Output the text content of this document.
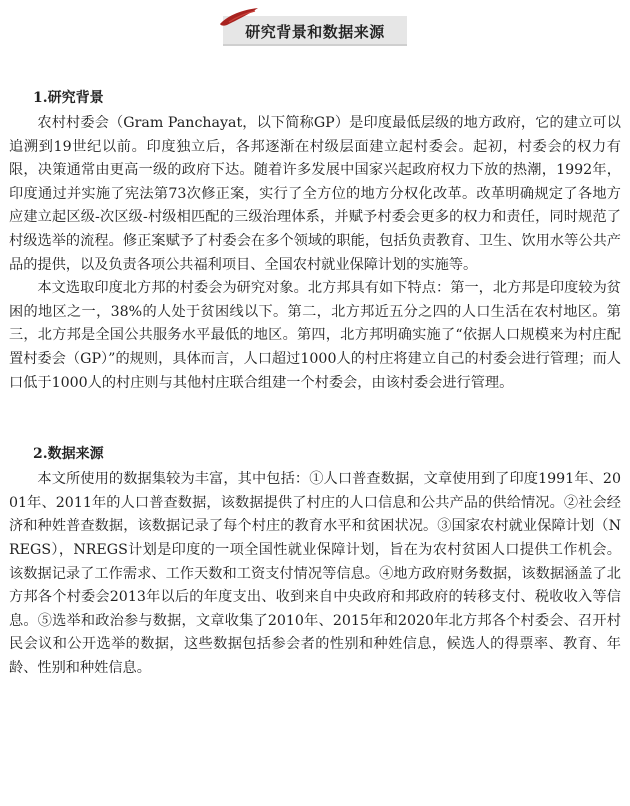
研究背景和数据来源
1.研究背景

农村村委会（Gram Panchayat，以下简称GP）是印度最低层级的地方政府，它的建立可以追溯到19世纪以前。印度独立后，各邦逐渐在村级层面建立起村委会。起初，村委会的权力有限，决策通常由更高一级的政府下达。随着许多发展中国家兴起政府权力下放的热潮，1992年，印度通过并实施了宪法第73次修正案，实行了全方位的地方分权化改革。改革明确规定了各地方应建立起区级-次区级-村级相匹配的三级治理体系，并赋予村委会更多的权力和责任，同时规范了村级选举的流程。修正案赋予了村委会在多个领域的职能，包括负责教育、卫生、饮用水等公共产品的提供，以及负责各项公共福利项目、全国农村就业保障计划的实施等。

本文选取印度北方邦的村委会为研究对象。北方邦具有如下特点：第一，北方邦是印度较为贫困的地区之一，38%的人处于贫困线以下。第二，北方邦近五分之四的人口生活在农村地区。第三，北方邦是全国公共服务水平最低的地区。第四，北方邦明确实施了“依据人口规模来为村庄配置村委会（GP）”的规则，具体而言，人口超过1000人的村庄将建立自己的村委会进行管理；而人口低于1000人的村庄则与其他村庄联合组建一个村委会，由该村委会进行管理。

2.数据来源

本文所使用的数据集较为丰富，其中包括：①人口普查数据，文章使用到了印度1991年、2001年、2011年的人口普查数据，该数据提供了村庄的人口信息和公共产品的供给情况。②社会经济和种姓普查数据，该数据记录了每个村庄的教育水平和贫困状况。③国家农村就业保障计划（NREGS），NREGS计划是印度的一项全国性就业保障计划，旨在为农村贫困人口提供工作机会。该数据记录了工作需求、工作天数和工资支付情况等信息。④地方政府财务数据，该数据涵盖了北方邦各个村委会2013年以后的年度支出、收到来自中央政府和邦政府的转移支付、税收收入等信息。⑤选举和政治参与数据，文章收集了2010年、2015年和2020年北方邦各个村委会、召开村民会议和公开选举的数据，这些数据包括参会者的性别和种姓信息，候选人的得票率、教育、年龄、性别和种姓信息。
